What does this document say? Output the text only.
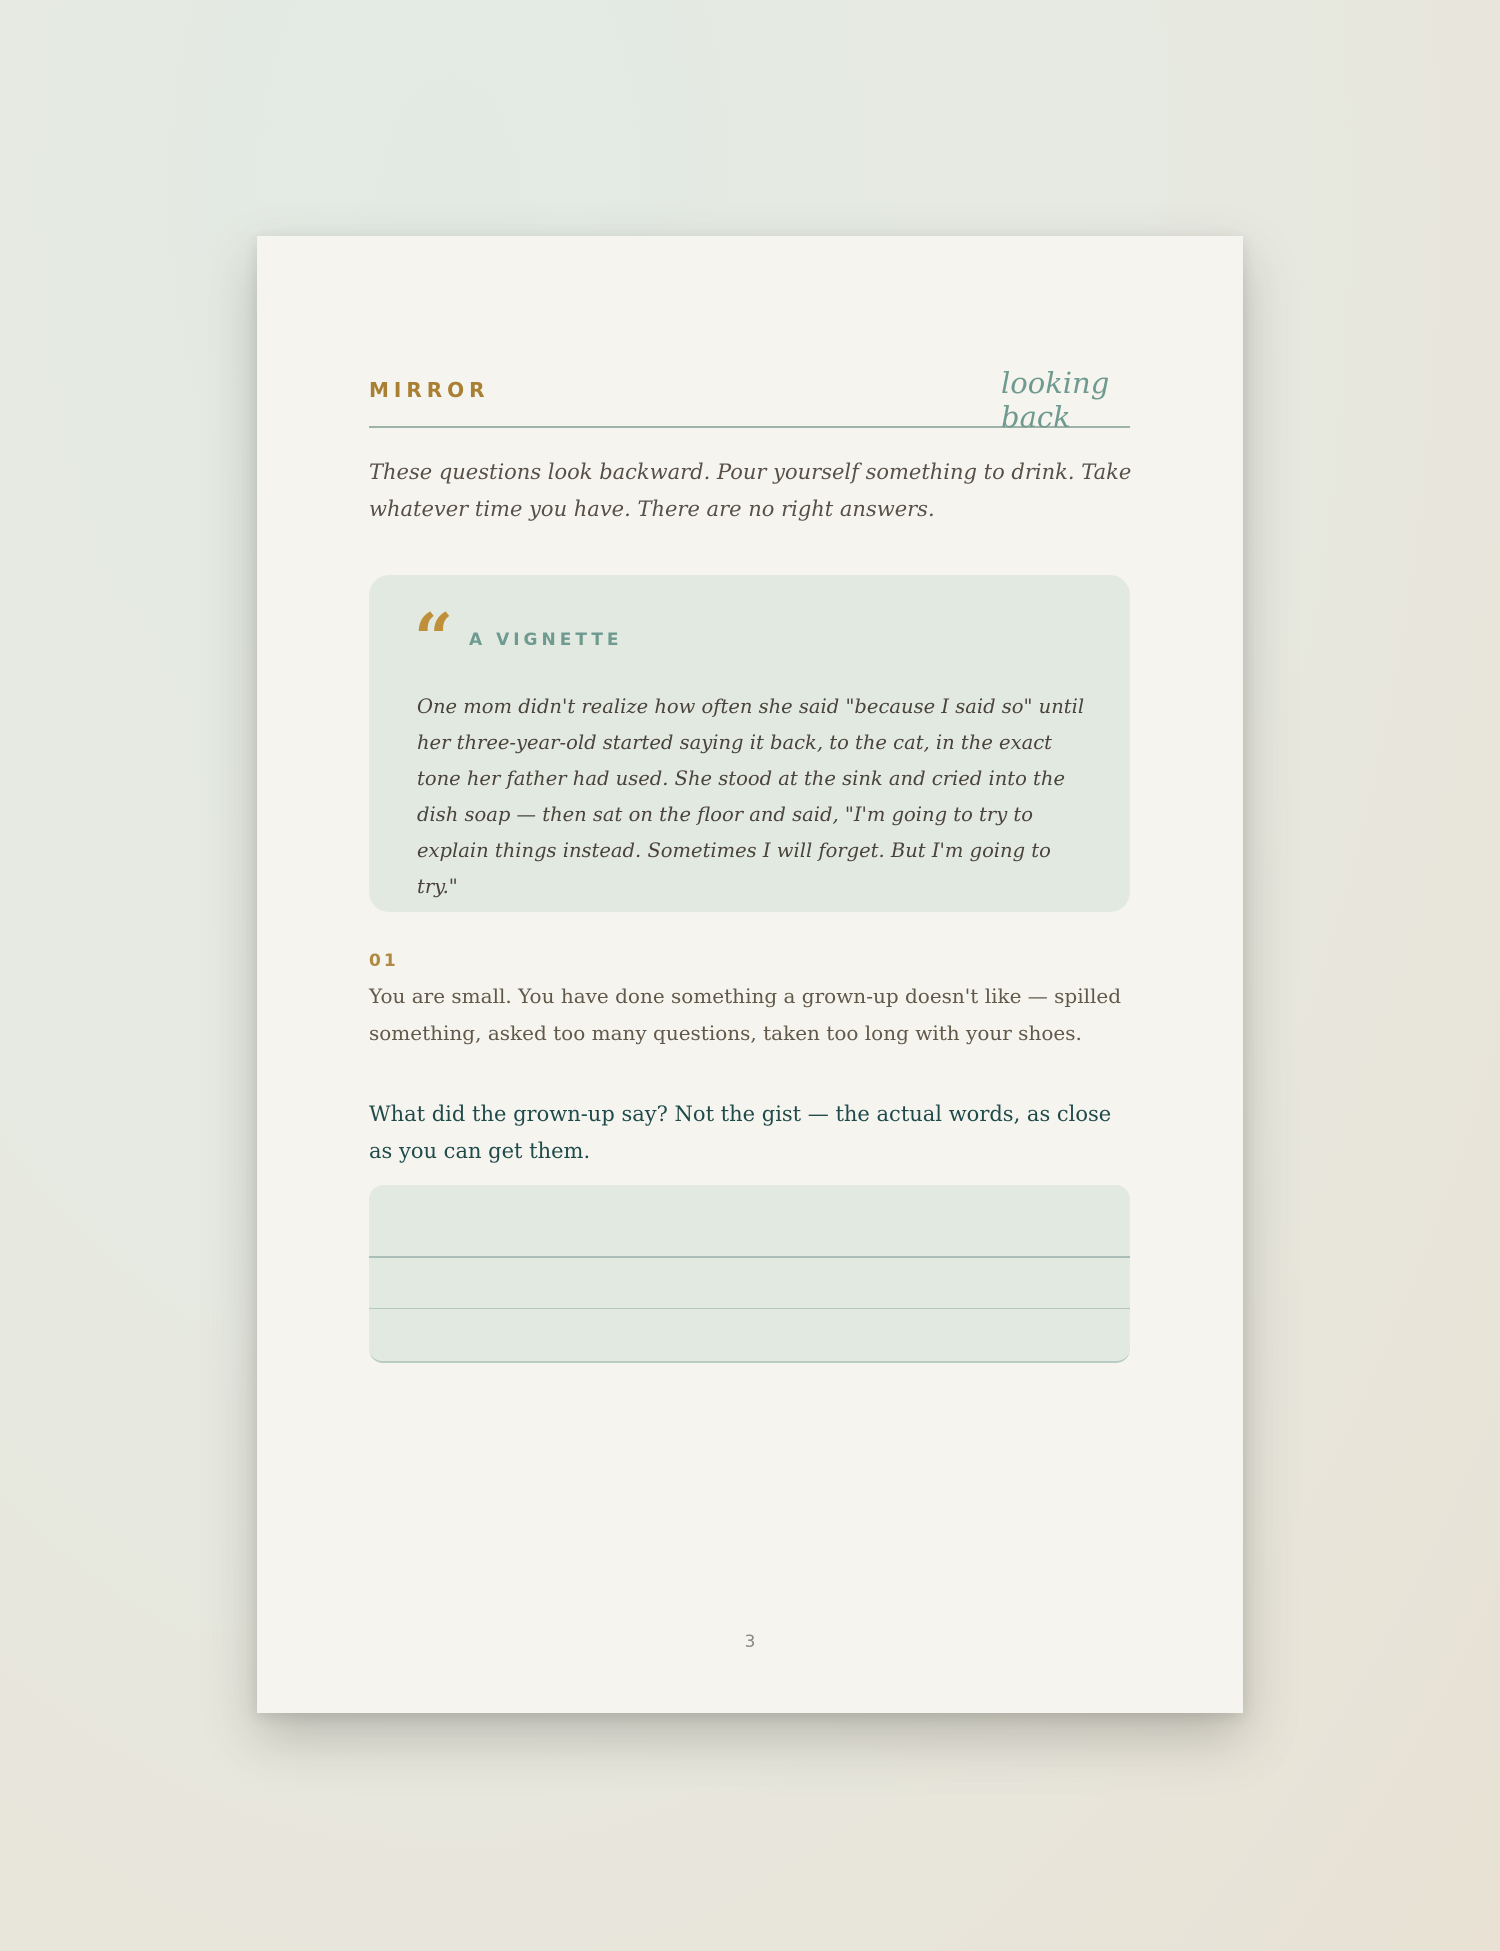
MIRROR	looking back

These questions look backward. Pour yourself something to drink. Take whatever time you have. There are no right answers.

“ A VIGNETTE

One mom didn't realize how often she said "because I said so" until her three-year-old started saying it back, to the cat, in the exact tone her father had used. She stood at the sink and cried into the dish soap — then sat on the floor and said, "I'm going to try to explain things instead. Sometimes I will forget. But I'm going to try."

01

You are small. You have done something a grown-up doesn't like — spilled something, asked too many questions, taken too long with your shoes.

What did the grown-up say? Not the gist — the actual words, as close as you can get them.

3
